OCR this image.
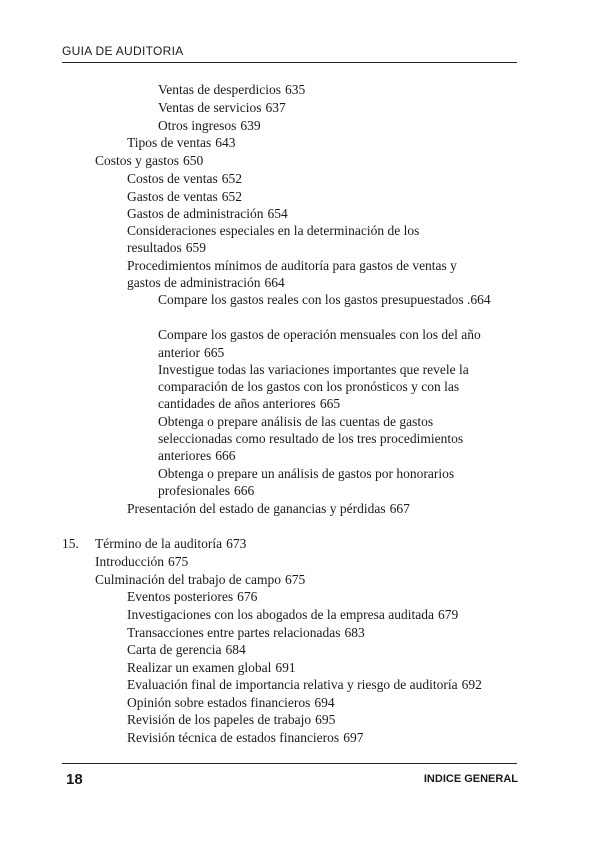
GUIA DE AUDITORIA
Ventas de desperdicios 635
Ventas de servicios 637
Otros ingresos 639
Tipos de ventas 643
Costos y gastos 650
Costos de ventas 652
Gastos de ventas 652
Gastos de administración 654
Consideraciones especiales en la determinación de los
resultados 659
Procedimientos mínimos de auditoría para gastos de ventas y
gastos de administración 664
Compare los gastos reales con los gastos presupuestados . 664
Compare los gastos de operación mensuales con los del año
anterior 665
Investigue todas las variaciones importantes que revele la
comparación de los gastos con los pronósticos y con las
cantidades de años anteriores 665
Obtenga o prepare análisis de las cuentas de gastos
seleccionadas como resultado de los tres procedimientos
anteriores 666
Obtenga o prepare un análisis de gastos por honorarios
profesionales 666
Presentación del estado de ganancias y pérdidas 667
15. Término de la auditoría 673
Introducción 675
Culminación del trabajo de campo 675
Eventos posteriores 676
Investigaciones con los abogados de la empresa auditada 679
Transacciones entre partes relacionadas 683
Carta de gerencia 684
Realizar un examen global 691
Evaluación final de importancia relativa y riesgo de auditoría 692
Opinión sobre estados financieros 694
Revisión de los papeles de trabajo 695
Revisión técnica de estados financieros 697
18	INDICE GENERAL
